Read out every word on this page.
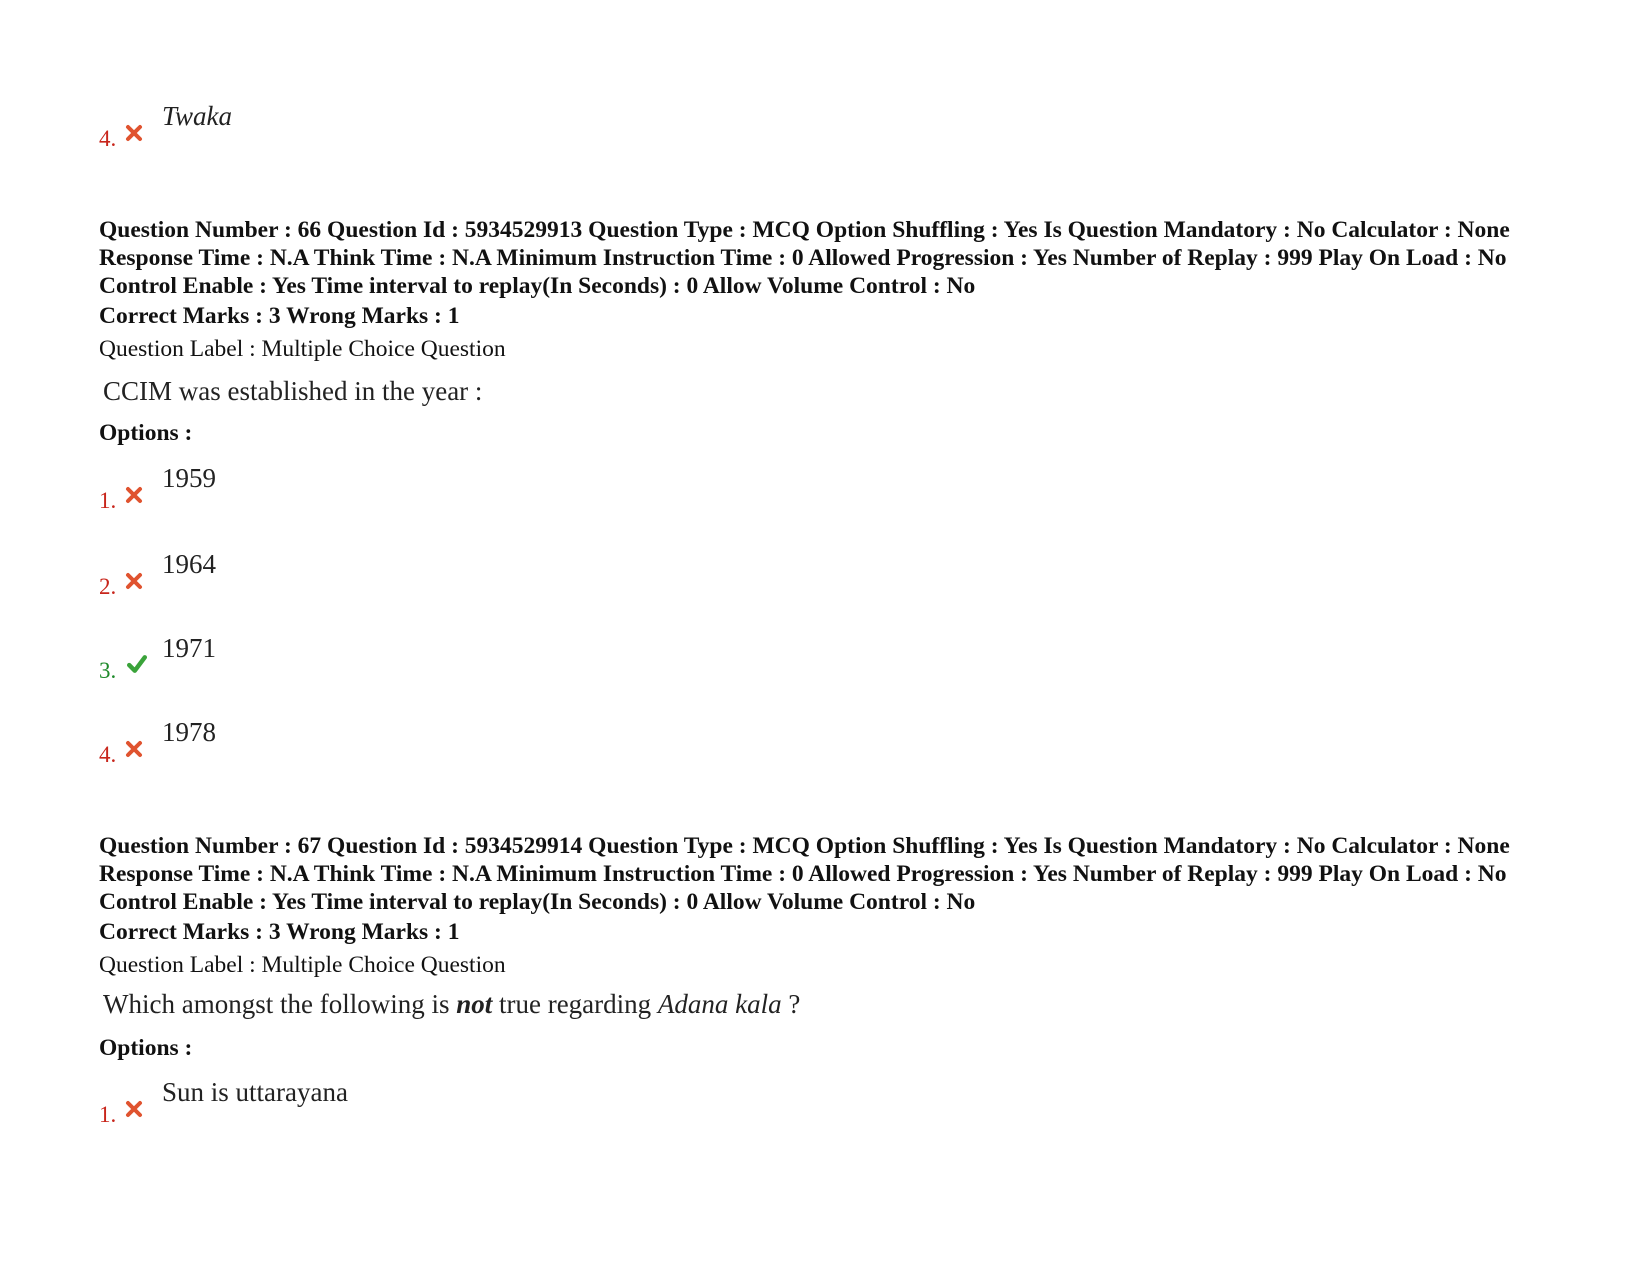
4.
Twaka
Question Number : 66 Question Id : 5934529913 Question Type : MCQ Option Shuffling : Yes Is Question Mandatory : No Calculator : None Response Time : N.A Think Time : N.A Minimum Instruction Time : 0 Allowed Progression : Yes Number of Replay : 999 Play On Load : No Control Enable : Yes Time interval to replay(In Seconds) : 0 Allow Volume Control : No
Correct Marks : 3 Wrong Marks : 1
Question Label : Multiple Choice Question
CCIM was established in the year :
Options :
1.
1959
2.
1964
3.
1971
4.
1978
Question Number : 67 Question Id : 5934529914 Question Type : MCQ Option Shuffling : Yes Is Question Mandatory : No Calculator : None Response Time : N.A Think Time : N.A Minimum Instruction Time : 0 Allowed Progression : Yes Number of Replay : 999 Play On Load : No Control Enable : Yes Time interval to replay(In Seconds) : 0 Allow Volume Control : No
Correct Marks : 3 Wrong Marks : 1
Question Label : Multiple Choice Question
Which amongst the following is not true regarding Adana kala ?
Options :
1.
Sun is uttarayana
